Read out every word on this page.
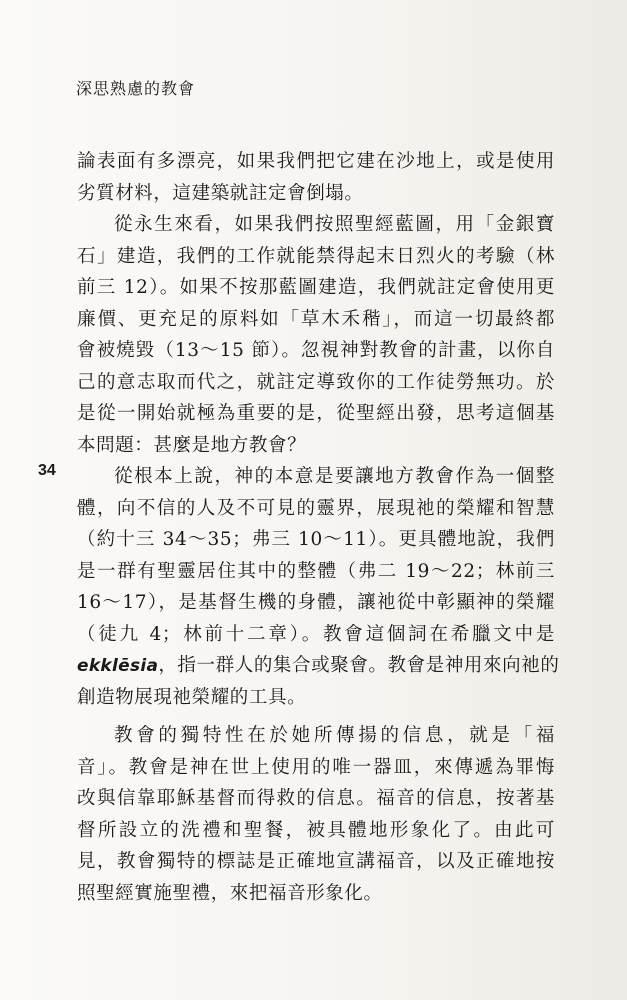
深思熟慮的教會
34
論表面有多漂亮，如果我們把它建在沙地上，或是使用
劣質材料，這建築就註定會倒塌。
從永生來看，如果我們按照聖經藍圖，用「金銀寶
石」建造，我們的工作就能禁得起末日烈火的考驗（林
前三 12）。如果不按那藍圖建造，我們就註定會使用更
廉價、更充足的原料如「草木禾稭」，而這一切最終都
會被燒毀（13～15 節）。忽視神對教會的計畫，以你自
己的意志取而代之，就註定導致你的工作徒勞無功。於
是從一開始就極為重要的是，從聖經出發，思考這個基
本問題：甚麼是地方教會？
從根本上說，神的本意是要讓地方教會作為一個整
體，向不信的人及不可見的靈界，展現祂的榮耀和智慧
（約十三 34～35；弗三 10～11）。更具體地說，我們
是一群有聖靈居住其中的整體（弗二 19～22；林前三
16～17），是基督生機的身體，讓祂從中彰顯神的榮耀
（徒九 4；林前十二章）。教會這個詞在希臘文中是
ekklēsia，指一群人的集合或聚會。教會是神用來向祂的
創造物展現祂榮耀的工具。
教會的獨特性在於她所傳揚的信息，就是「福
音」。教會是神在世上使用的唯一器皿，來傳遞為罪悔
改與信靠耶穌基督而得救的信息。福音的信息，按著基
督所設立的洗禮和聖餐，被具體地形象化了。由此可
見，教會獨特的標誌是正確地宣講福音，以及正確地按
照聖經實施聖禮，來把福音形象化。
